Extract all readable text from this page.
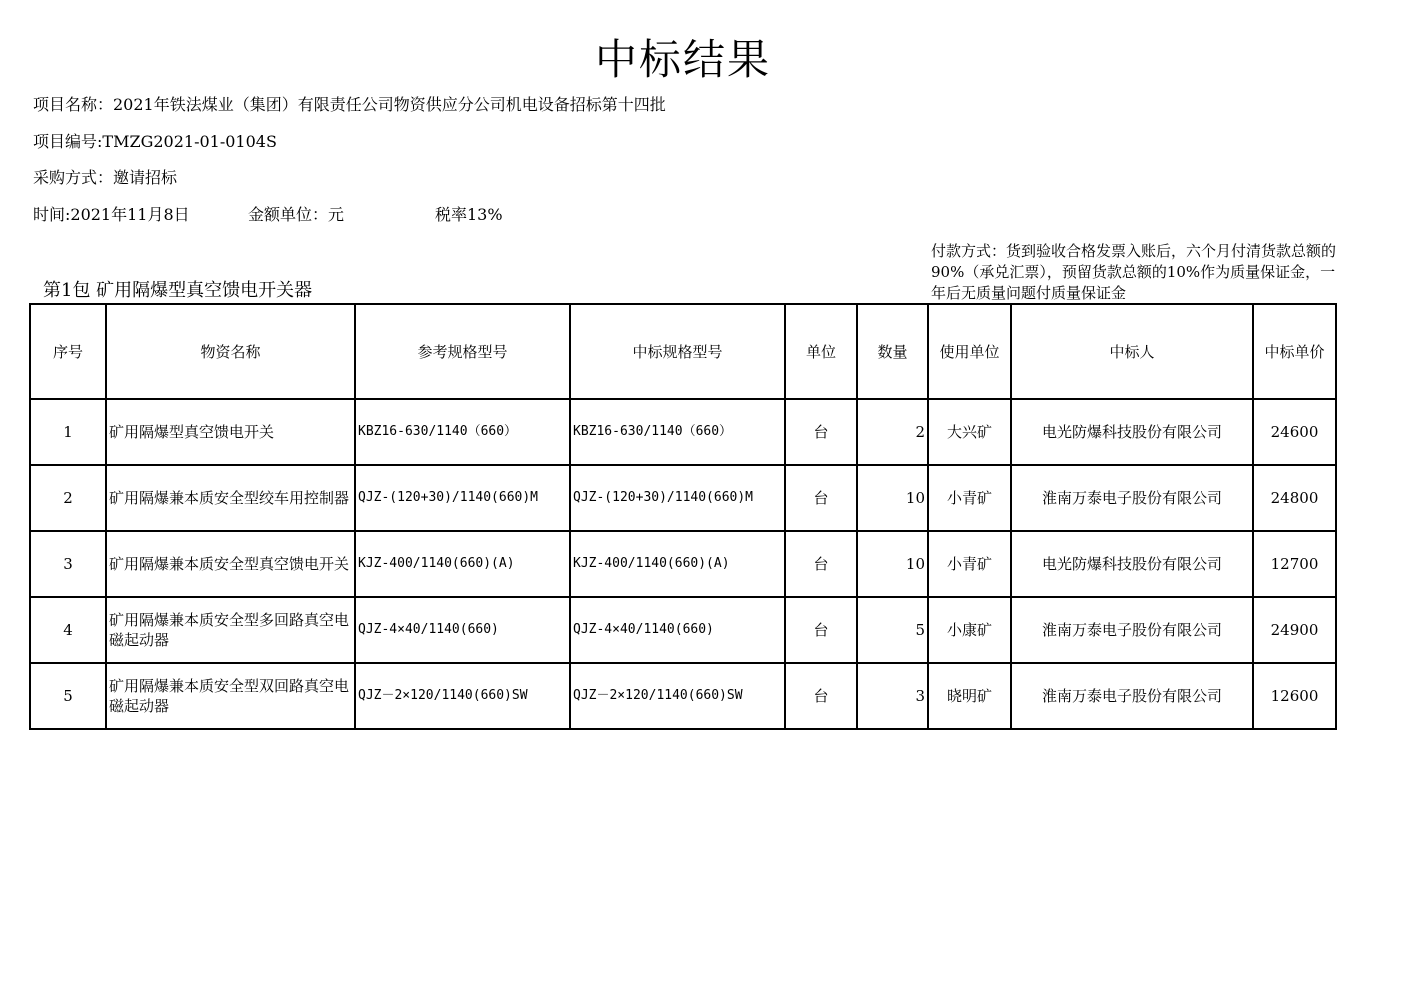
中标结果
项目名称：2021年铁法煤业（集团）有限责任公司物资供应分公司机电设备招标第十四批
项目编号:TMZG2021-01-0104S
采购方式：邀请招标
时间:2021年11月8日	金额单位：元	税率13%
付款方式：货到验收合格发票入账后，六个月付清货款总额的90%（承兑汇票），预留货款总额的10%作为质量保证金，一年后无质量问题付质量保证金
第1包 矿用隔爆型真空馈电开关器
序号	物资名称	参考规格型号	中标规格型号	单位	数量	使用单位	中标人	中标单价
1	矿用隔爆型真空馈电开关	KBZ16-630/1140（660）	KBZ16-630/1140（660）	台	2	大兴矿	电光防爆科技股份有限公司	24600
2	矿用隔爆兼本质安全型绞车用控制器	QJZ-(120+30)/1140(660)M	QJZ-(120+30)/1140(660)M	台	10	小青矿	淮南万泰电子股份有限公司	24800
3	矿用隔爆兼本质安全型真空馈电开关	KJZ-400/1140(660)(A)	KJZ-400/1140(660)(A)	台	10	小青矿	电光防爆科技股份有限公司	12700
4	矿用隔爆兼本质安全型多回路真空电磁起动器	QJZ-4×40/1140(660)	QJZ-4×40/1140(660)	台	5	小康矿	淮南万泰电子股份有限公司	24900
5	矿用隔爆兼本质安全型双回路真空电磁起动器	QJZ－2×120/1140(660)SW	QJZ－2×120/1140(660)SW	台	3	晓明矿	淮南万泰电子股份有限公司	12600
